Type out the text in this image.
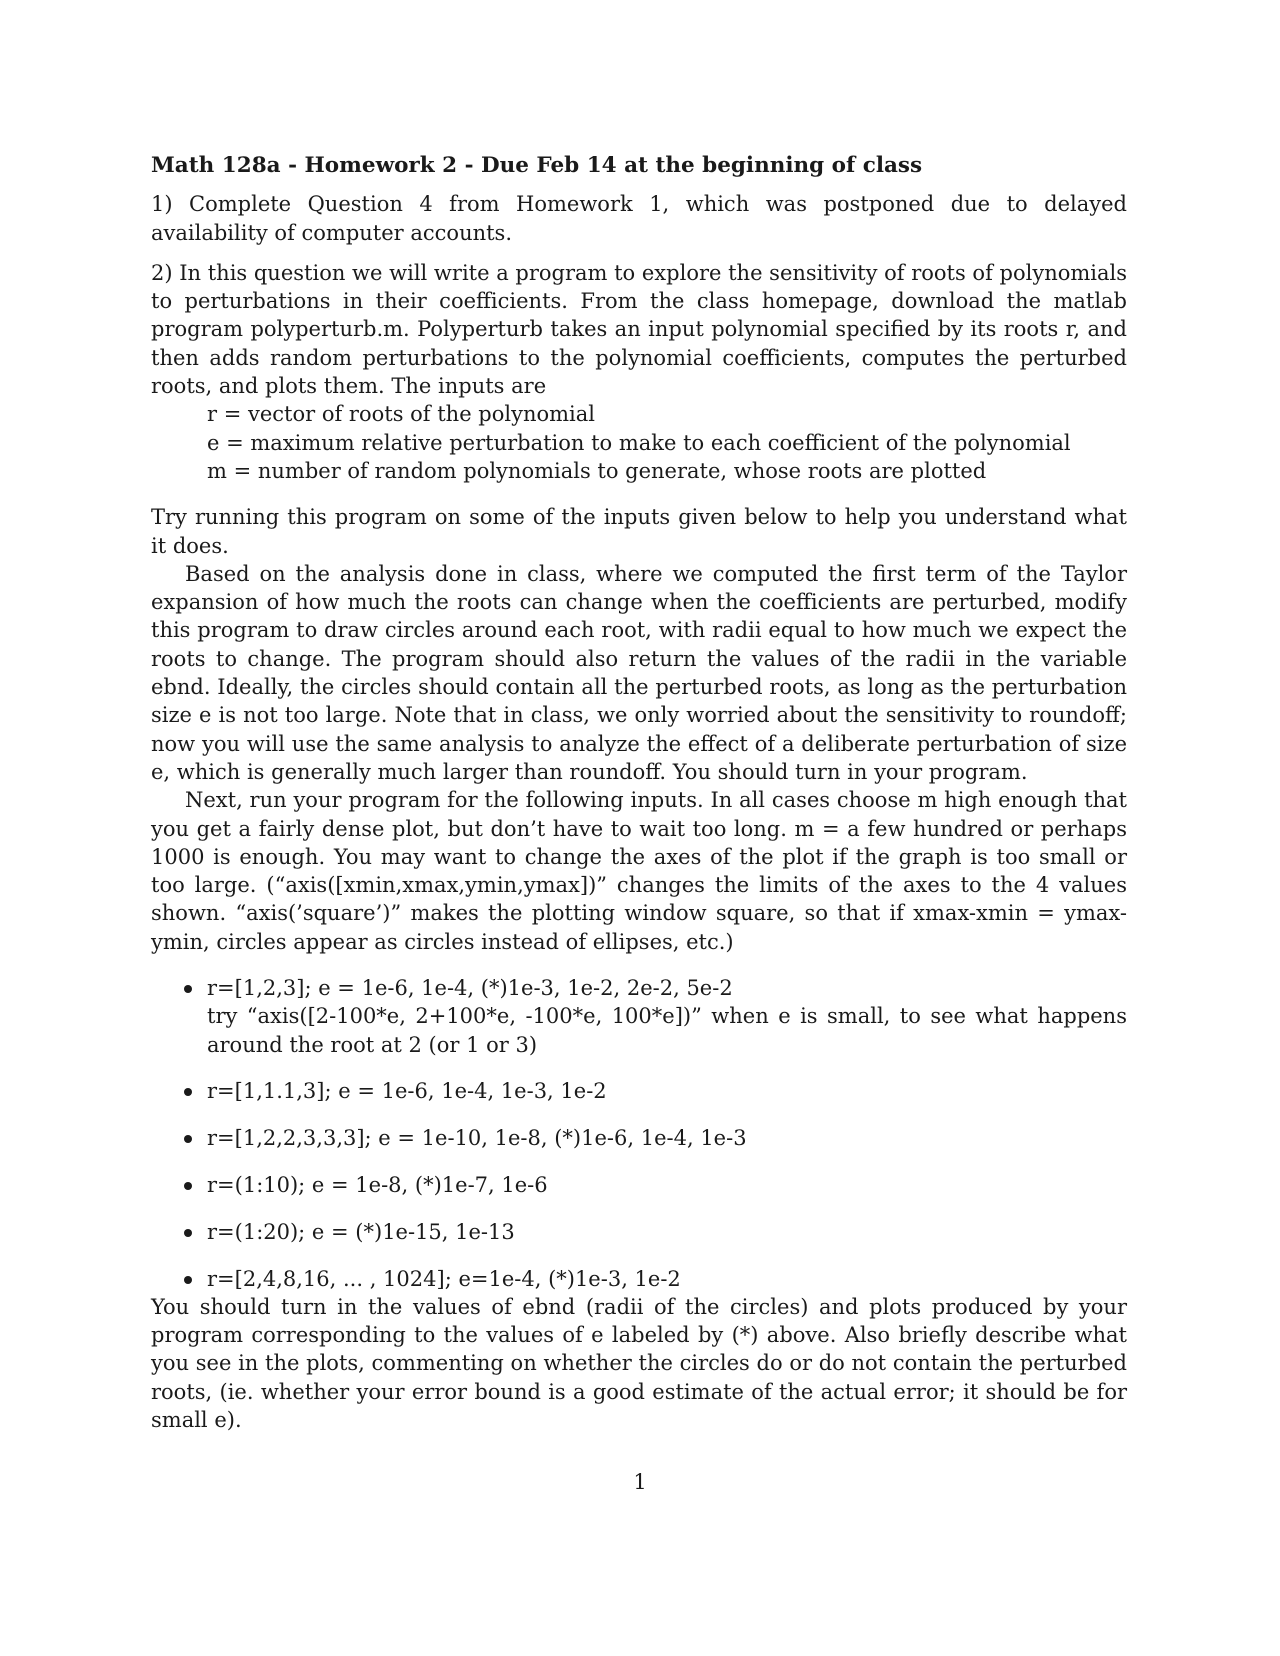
Math 128a - Homework 2 - Due Feb 14 at the beginning of class

1) Complete Question 4 from Homework 1, which was postponed due to delayed availability of computer accounts.

2) In this question we will write a program to explore the sensitivity of roots of polynomials to perturbations in their coefficients. From the class homepage, download the matlab program polyperturb.m. Polyperturb takes an input polynomial specified by its roots r, and then adds random perturbations to the polynomial coefficients, computes the perturbed roots, and plots them. The inputs are

r = vector of roots of the polynomial
e = maximum relative perturbation to make to each coefficient of the polynomial
m = number of random polynomials to generate, whose roots are plotted

Try running this program on some of the inputs given below to help you understand what it does.

Based on the analysis done in class, where we computed the first term of the Taylor expansion of how much the roots can change when the coefficients are perturbed, modify this program to draw circles around each root, with radii equal to how much we expect the roots to change. The program should also return the values of the radii in the variable ebnd. Ideally, the circles should contain all the perturbed roots, as long as the perturbation size e is not too large. Note that in class, we only worried about the sensitivity to roundoff; now you will use the same analysis to analyze the effect of a deliberate perturbation of size e, which is generally much larger than roundoff. You should turn in your program.

Next, run your program for the following inputs. In all cases choose m high enough that you get a fairly dense plot, but don’t have to wait too long. m = a few hundred or perhaps 1000 is enough. You may want to change the axes of the plot if the graph is too small or too large. (“axis([xmin,xmax,ymin,ymax])” changes the limits of the axes to the 4 values shown. “axis(’square’)” makes the plotting window square, so that if xmax-xmin = ymax-ymin, circles appear as circles instead of ellipses, etc.)

r=[1,2,3]; e = 1e-6, 1e-4, (*)1e-3, 1e-2, 2e-2, 5e-2
try “axis([2-100*e, 2+100*e, -100*e, 100*e])” when e is small, to see what happens around the root at 2 (or 1 or 3)
r=[1,1.1,3]; e = 1e-6, 1e-4, 1e-3, 1e-2
r=[1,2,2,3,3,3]; e = 1e-10, 1e-8, (*)1e-6, 1e-4, 1e-3
r=(1:10); e = 1e-8, (*)1e-7, 1e-6
r=(1:20); e = (*)1e-15, 1e-13
r=[2,4,8,16, ... , 1024]; e=1e-4, (*)1e-3, 1e-2

You should turn in the values of ebnd (radii of the circles) and plots produced by your program corresponding to the values of e labeled by (*) above. Also briefly describe what you see in the plots, commenting on whether the circles do or do not contain the perturbed roots, (ie. whether your error bound is a good estimate of the actual error; it should be for small e).

1
